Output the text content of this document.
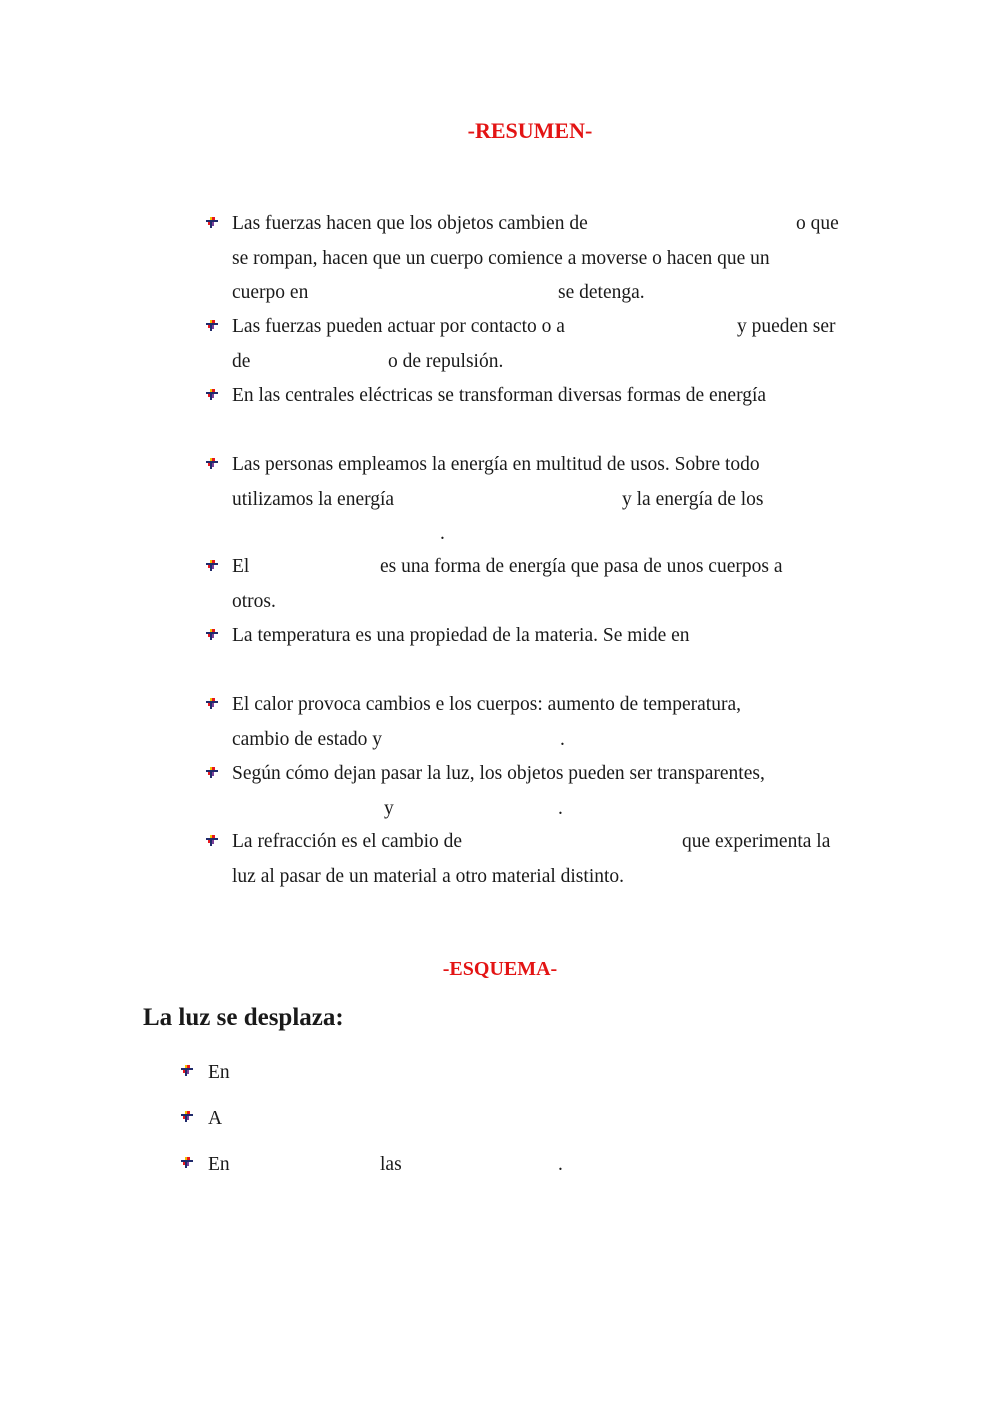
-RESUMEN-
Las fuerzas hacen que los objetos cambien de	o que
se rompan, hacen que un cuerpo comience a moverse o hacen que un
cuerpo en	se detenga.
Las fuerzas pueden actuar por contacto o a	y pueden ser
de	o de repulsión.
En las centrales eléctricas se transforman diversas formas de energía
Las personas empleamos la energía en multitud de usos. Sobre todo
utilizamos la energía	y la energía de los
.
El	es una forma de energía que pasa de unos cuerpos a
otros.
La temperatura es una propiedad de la materia. Se mide en
El calor provoca cambios e los cuerpos: aumento de temperatura,
cambio de estado y	.
Según cómo dejan pasar la luz, los objetos pueden ser transparentes,
y	.
La refracción es el cambio de	que experimenta la
luz al pasar de un material a otro material distinto.
-ESQUEMA-
La luz se desplaza:
En
A
En	las	.
